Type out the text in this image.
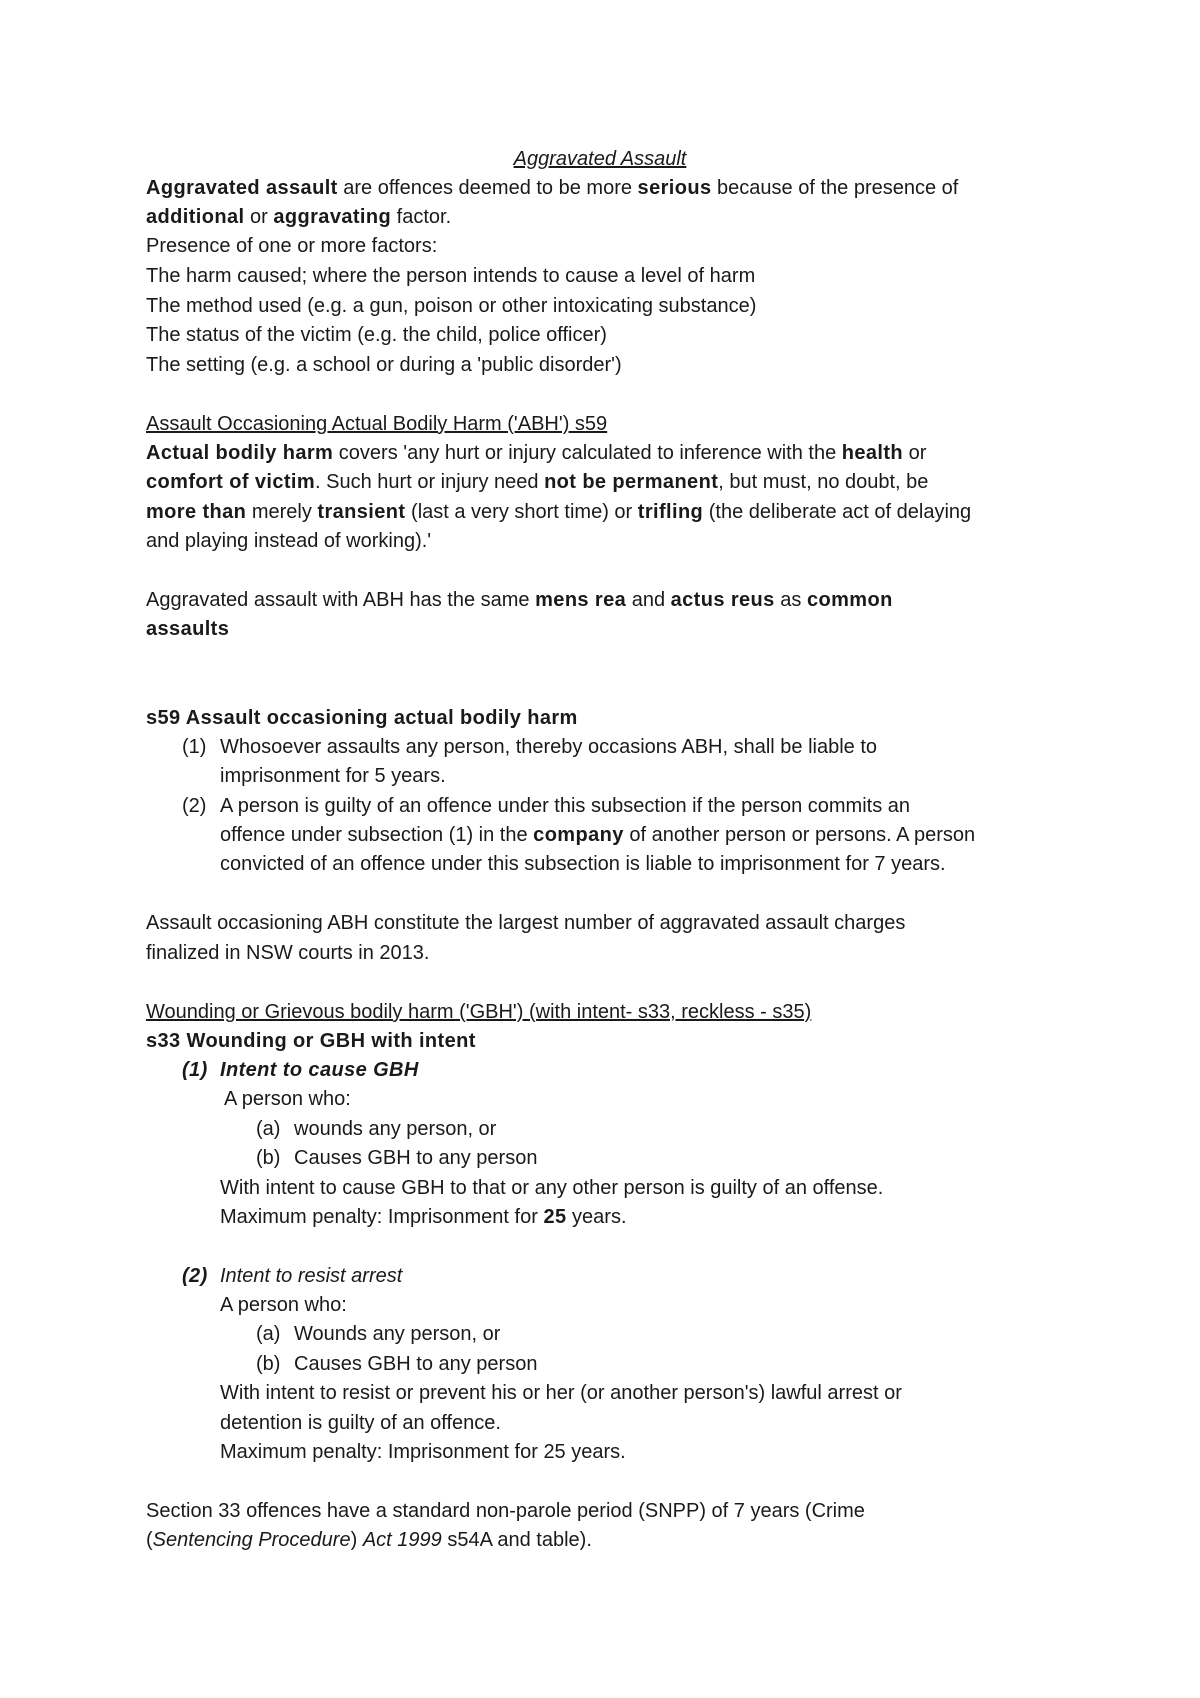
Aggravated Assault
Aggravated assault are offences deemed to be more serious because of the presence of
additional or aggravating factor.
Presence of one or more factors:
The harm caused; where the person intends to cause a level of harm
The method used (e.g. a gun, poison or other intoxicating substance)
The status of the victim (e.g. the child, police officer)
The setting (e.g. a school or during a 'public disorder')
Assault Occasioning Actual Bodily Harm ('ABH') s59
Actual bodily harm covers 'any hurt or injury calculated to inference with the health or
comfort of victim. Such hurt or injury need not be permanent, but must, no doubt, be
more than merely transient (last a very short time) or trifling (the deliberate act of delaying
and playing instead of working).'
Aggravated assault with ABH has the same mens rea and actus reus as common
assaults
s59 Assault occasioning actual bodily harm
(1) Whosoever assaults any person, thereby occasions ABH, shall be liable to
imprisonment for 5 years.
(2) A person is guilty of an offence under this subsection if the person commits an
offence under subsection (1) in the company of another person or persons. A person
convicted of an offence under this subsection is liable to imprisonment for 7 years.
Assault occasioning ABH constitute the largest number of aggravated assault charges
finalized in NSW courts in 2013.
Wounding or Grievous bodily harm ('GBH') (with intent- s33, reckless - s35)
s33 Wounding or GBH with intent
(1) Intent to cause GBH
A person who:
(a) wounds any person, or
(b) Causes GBH to any person
With intent to cause GBH to that or any other person is guilty of an offense.
Maximum penalty: Imprisonment for 25 years.
(2) Intent to resist arrest
A person who:
(a) Wounds any person, or
(b) Causes GBH to any person
With intent to resist or prevent his or her (or another person's) lawful arrest or
detention is guilty of an offence.
Maximum penalty: Imprisonment for 25 years.
Section 33 offences have a standard non-parole period (SNPP) of 7 years (Crime
(Sentencing Procedure) Act 1999 s54A and table).
